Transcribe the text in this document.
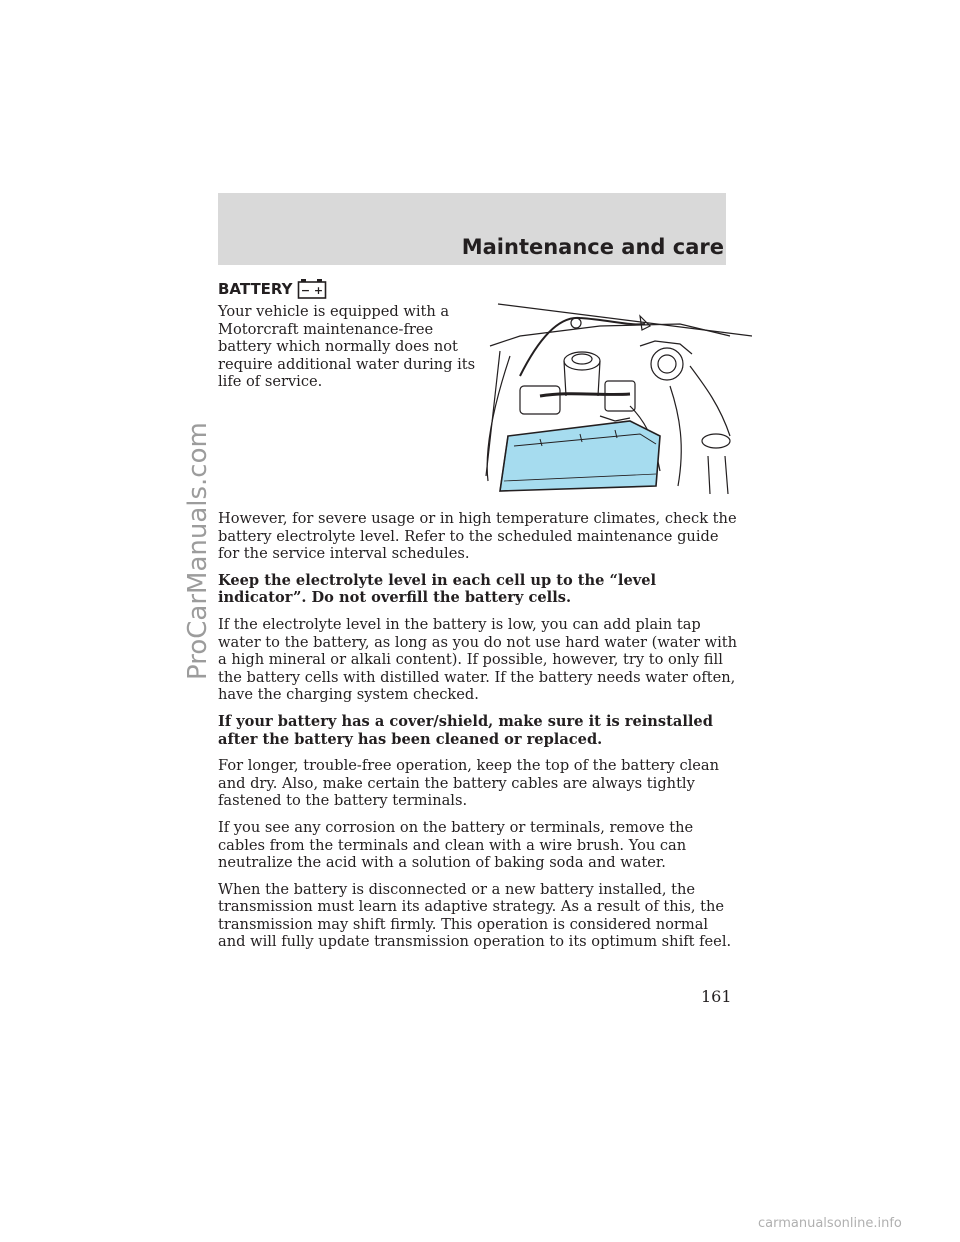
Maintenance and care
BATTERY − +
Your vehicle is equipped with a Motorcraft maintenance-free battery which normally does not require additional water during its life of service.

However, for severe usage or in high temperature climates, check the battery electrolyte level. Refer to the scheduled maintenance guide for the service interval schedules.

Keep the electrolyte level in each cell up to the “level indicator”. Do not overfill the battery cells.

If the electrolyte level in the battery is low, you can add plain tap water to the battery, as long as you do not use hard water (water with a high mineral or alkali content). If possible, however, try to only fill the battery cells with distilled water. If the battery needs water often, have the charging system checked.

If your battery has a cover/shield, make sure it is reinstalled after the battery has been cleaned or replaced.

For longer, trouble-free operation, keep the top of the battery clean and dry. Also, make certain the battery cables are always tightly fastened to the battery terminals.

If you see any corrosion on the battery or terminals, remove the cables from the terminals and clean with a wire brush. You can neutralize the acid with a solution of baking soda and water.

When the battery is disconnected or a new battery installed, the transmission must learn its adaptive strategy. As a result of this, the transmission may shift firmly. This operation is considered normal and will fully update transmission operation to its optimum shift feel.

161
ProCarManuals.com
carmanualsonline.info
